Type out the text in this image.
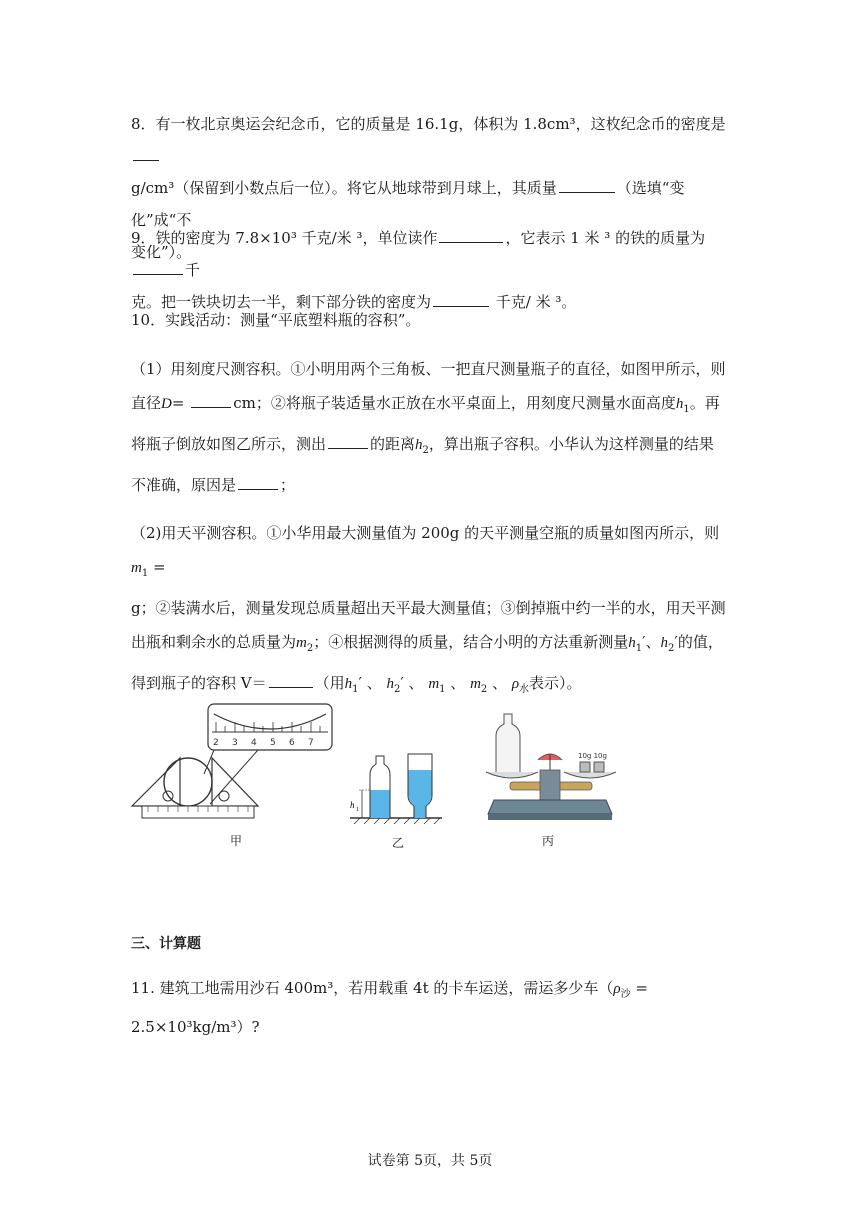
8．有一枚北京奥运会纪念币，它的质量是 16.1g，体积为 1.8cm³，这枚纪念币的密度是
g/cm³（保留到小数点后一位）。将它从地球带到月球上，其质量	（选填“变化”成“不
变化”）。
9．铁的密度为 7.8×10³ 千克/米 ³，单位读作	，它表示 1 米 ³ 的铁的质量为千
克。把一铁块切去一半，剩下部分铁的密度为	千克/ 米 ³。
10．实践活动：测量“平底塑料瓶的容积”。
（1）用刻度尺测容积。①小明用两个三角板、一把直尺测量瓶子的直径，如图甲所示，则
直径D=	cm；②将瓶子装适量水正放在水平桌面上，用刻度尺测量水面高度$h_1$。再
将瓶子倒放如图乙所示，测出	的距离$h_2$，算出瓶子容积。小华认为这样测量的结果
不准确，原因是	；
（2)用天平测容积。①小华用最大测量值为 200g 的天平测量空瓶的质量如图丙所示，则$m_1$ =
g；②装满水后，测量发现总质量超出天平最大测量值；③倒掉瓶中约一半的水，用天平测
出瓶和剩余水的总质量为$m_2$；④根据测得的质量，结合小明的方法重新测量$h_1'$、$h_2'$的值，
得到瓶子的容积 V＝	（用$h_1'$ 、 $h_2'$ 、 $m_1$ 、 $m_2$ 、 $\rho_水$表示）。
2 3 4 5 6 7
甲
h 1
乙
10g 10g
丙
三、计算题
11. 建筑工地需用沙石 400m³，若用载重 4t 的卡车运送，需运多少车$(\rho_沙 = 2.5\times 10^3kg/m^3)$?
试卷第 5页，共 5页
